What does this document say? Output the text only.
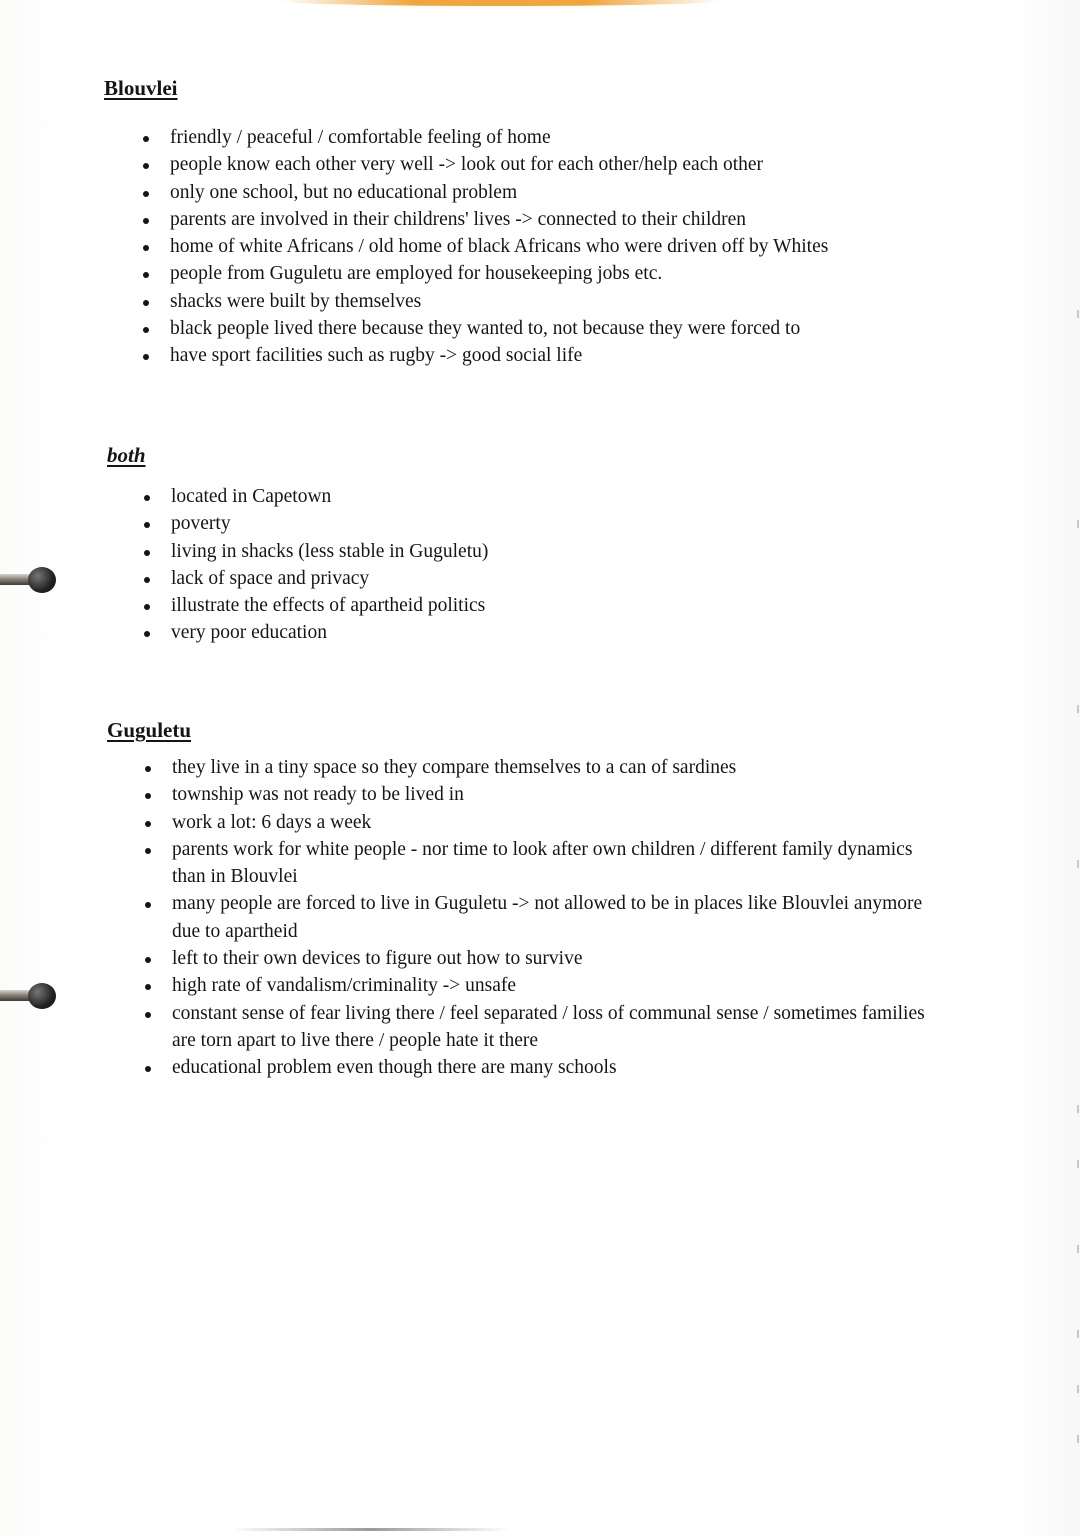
Blouvlei
friendly / peaceful / comfortable feeling of home
people know each other very well -> look out for each other/help each other
only one school, but no educational problem
parents are involved in their childrens' lives -> connected to their children
home of white Africans / old home of black Africans who were driven off by Whites
people from Guguletu are employed for housekeeping jobs etc.
shacks were built by themselves
black people lived there because they wanted to, not because they were forced to
have sport facilities such as rugby -> good social life
both
located in Capetown
poverty
living in shacks (less stable in Guguletu)
lack of space and privacy
illustrate the effects of apartheid politics
very poor education
Guguletu
they live in a tiny space so they compare themselves to a can of sardines
township was not ready to be lived in
work a lot: 6 days a week
parents work for white people - nor time to look after own children / different family dynamics
than in Blouvlei
many people are forced to live in Guguletu -> not allowed to be in places like Blouvlei anymore
due to apartheid
left to their own devices to figure out how to survive
high rate of vandalism/criminality -> unsafe
constant sense of fear living there / feel separated / loss of communal sense / sometimes families
are torn apart to live there / people hate it there
educational problem even though there are many schools
